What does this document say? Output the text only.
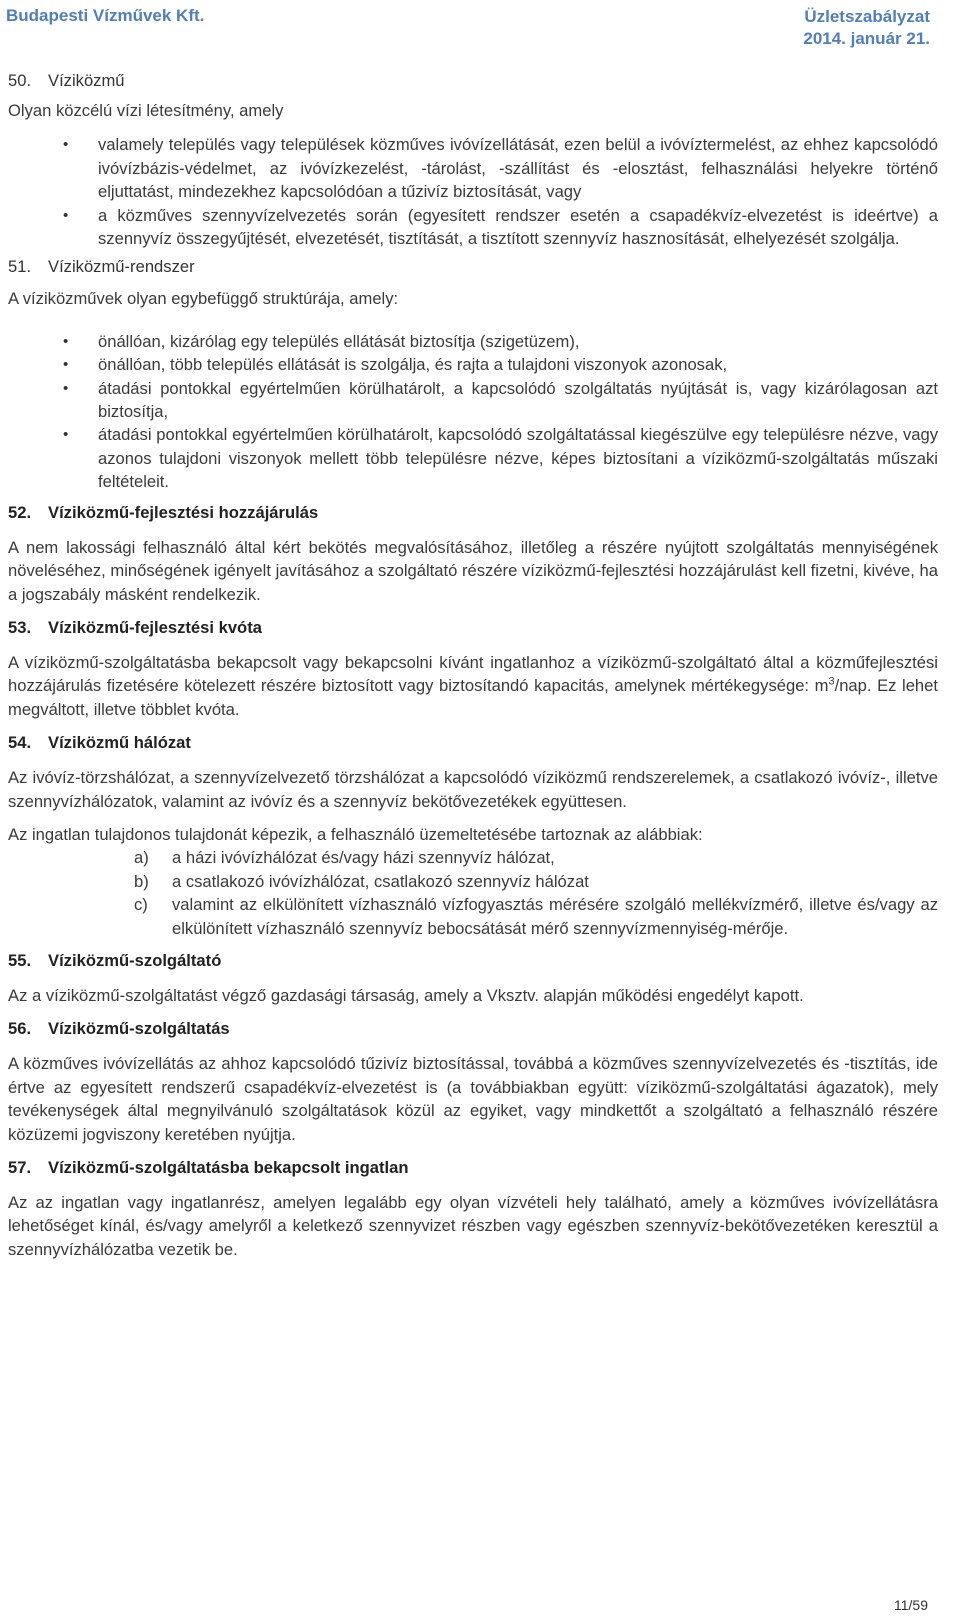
Budapesti Vízművek Kft.	Üzletszabályzat
2014. január 21.
50. Víziközmű

Olyan közcélú vízi létesítmény, amely

• valamely település vagy települések közműves ivóvízellátását, ezen belül a ivóvíztermelést, az ehhez kapcsolódó ivóvízbázis-védelmet, az ivóvízkezelést, -tárolást, -szállítást és -elosztást, felhasználási helyekre történő eljuttatást, mindezekhez kapcsolódóan a tűzivíz biztosítását, vagy
• a közműves szennyvízelvezetés során (egyesített rendszer esetén a csapadékvíz-elvezetést is ideértve) a szennyvíz összegyűjtését, elvezetését, tisztítását, a tisztított szennyvíz hasznosítását, elhelyezését szolgálja.
51. Víziközmű-rendszer

A víziközművek olyan egybefüggő struktúrája, amely:

• önállóan, kizárólag egy település ellátását biztosítja (szigetüzem),
• önállóan, több település ellátását is szolgálja, és rajta a tulajdoni viszonyok azonosak,
• átadási pontokkal egyértelműen körülhatárolt, a kapcsolódó szolgáltatás nyújtását is, vagy kizárólagosan azt biztosítja,
• átadási pontokkal egyértelműen körülhatárolt, kapcsolódó szolgáltatással kiegészülve egy településre nézve, vagy azonos tulajdoni viszonyok mellett több településre nézve, képes biztosítani a víziközmű-szolgáltatás műszaki feltételeit.
52. Víziközmű-fejlesztési hozzájárulás

A nem lakossági felhasználó által kért bekötés megvalósításához, illetőleg a részére nyújtott szolgáltatás mennyiségének növeléséhez, minőségének igényelt javításához a szolgáltató részére víziközmű-fejlesztési hozzájárulást kell fizetni, kivéve, ha a jogszabály másként rendelkezik.

53. Víziközmű-fejlesztési kvóta

A víziközmű-szolgáltatásba bekapcsolt vagy bekapcsolni kívánt ingatlanhoz a víziközmű-szolgáltató által a közműfejlesztési hozzájárulás fizetésére kötelezett részére biztosított vagy biztosítandó kapacitás, amelynek mértékegysége: $m^3$/nap. Ez lehet megváltott, illetve többlet kvóta.

54. Víziközmű hálózat

Az ivóvíz-törzshálózat, a szennyvízelvezető törzshálózat a kapcsolódó víziközmű rendszerelemek, a csatlakozó ivóvíz-, illetve szennyvízhálózatok, valamint az ivóvíz és a szennyvíz bekötővezetékek együttesen.

Az ingatlan tulajdonos tulajdonát képezik, a felhasználó üzemeltetésébe tartoznak az alábbiak:

a) a házi ivóvízhálózat és/vagy házi szennyvíz hálózat,
b) a csatlakozó ivóvízhálózat, csatlakozó szennyvíz hálózat
c) valamint az elkülönített vízhasználó vízfogyasztás mérésére szolgáló mellékvízmérő, illetve és/vagy az elkülönített vízhasználó szennyvíz bebocsátását mérő szennyvízmennyiség-mérője.
55. Víziközmű-szolgáltató

Az a víziközmű-szolgáltatást végző gazdasági társaság, amely a Vksztv. alapján működési engedélyt kapott.

56. Víziközmű-szolgáltatás

A közműves ivóvízellátás az ahhoz kapcsolódó tűzivíz biztosítással, továbbá a közműves szennyvízelvezetés és -tisztítás, ide értve az egyesített rendszerű csapadékvíz-elvezetést is (a továbbiakban együtt: víziközmű-szolgáltatási ágazatok), mely tevékenységek által megnyilvánuló szolgáltatások közül az egyiket, vagy mindkettőt a szolgáltató a felhasználó részére közüzemi jogviszony keretében nyújtja.

57. Víziközmű-szolgáltatásba bekapcsolt ingatlan

Az az ingatlan vagy ingatlanrész, amelyen legalább egy olyan vízvételi hely található, amely a közműves ivóvízellátásra lehetőséget kínál, és/vagy amelyről a keletkező szennyvizet részben vagy egészben szennyvíz-bekötővezetéken keresztül a szennyvízhálózatba vezetik be.

11/59
